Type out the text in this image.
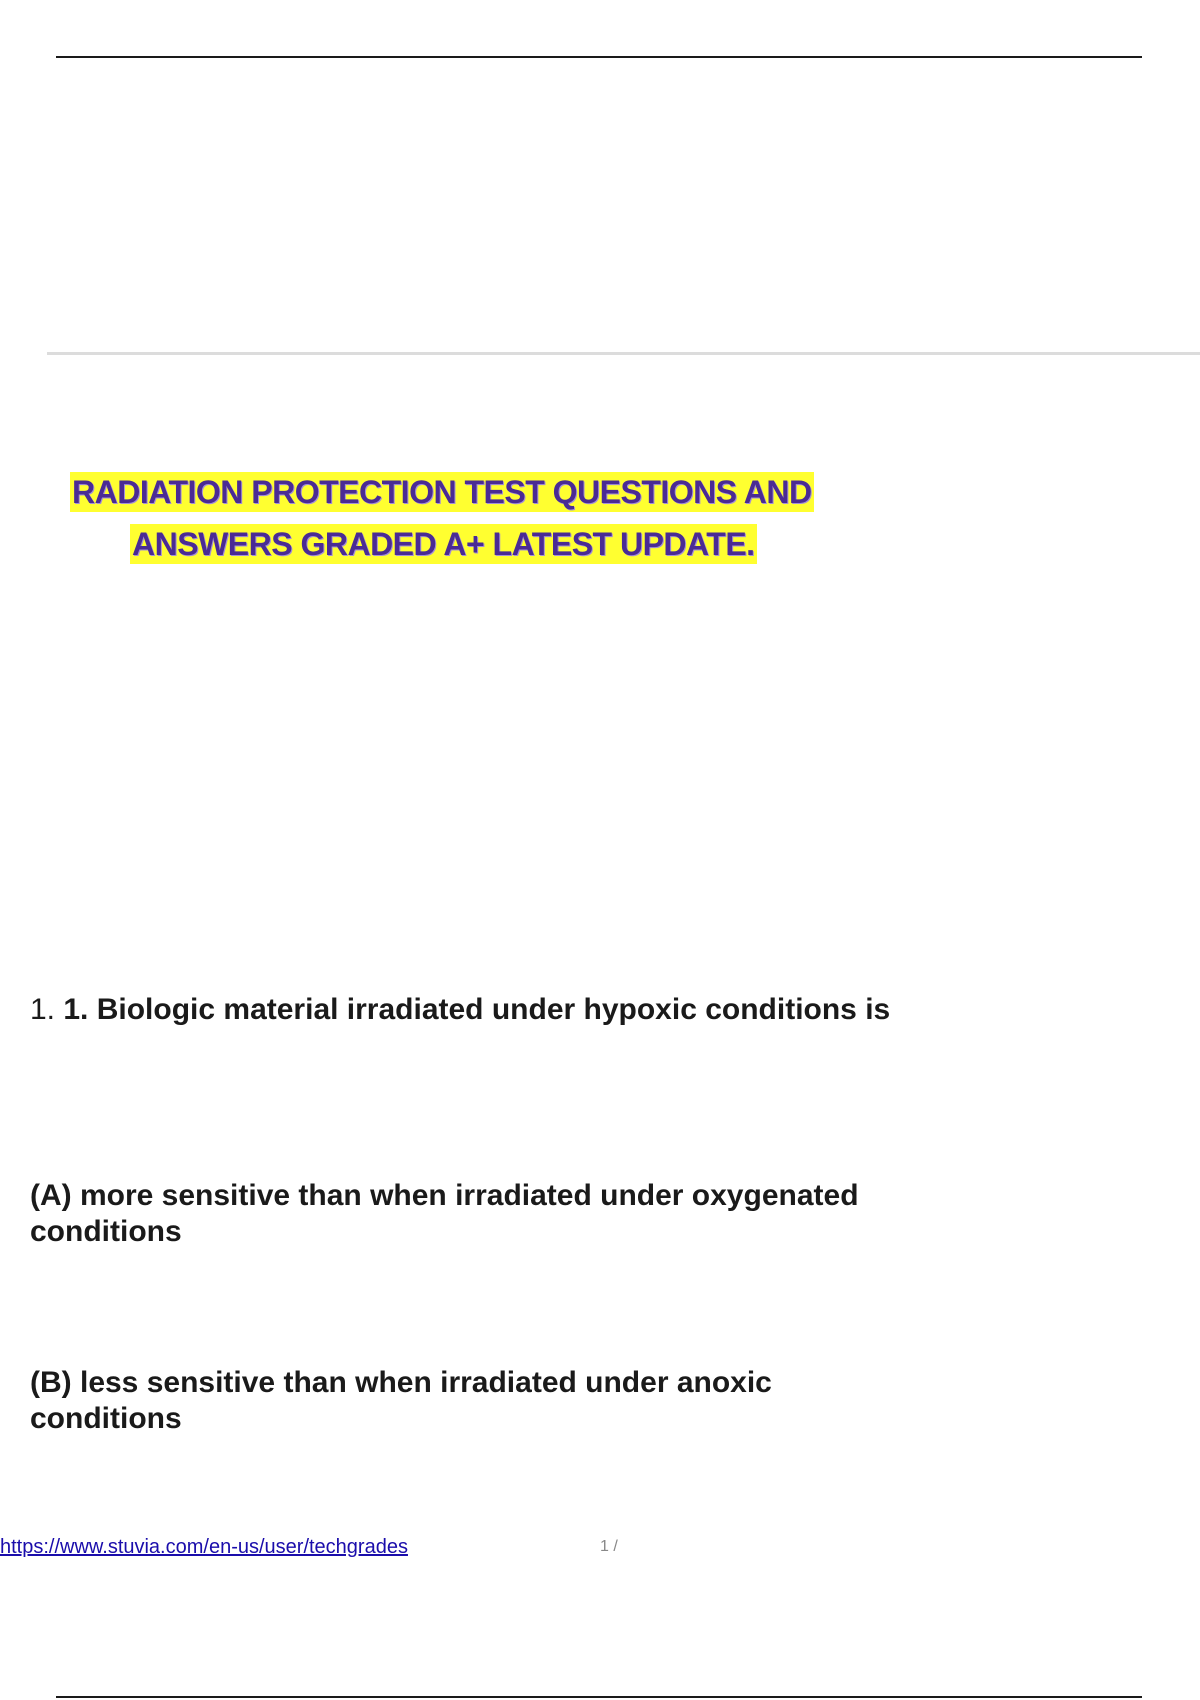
RADIATION PROTECTION TEST QUESTIONS AND
ANSWERS GRADED A+ LATEST UPDATE.
1. 1. Biologic material irradiated under hypoxic conditions is
(A) more sensitive than when irradiated under oxygenated conditions
(B) less sensitive than when irradiated under anoxic conditions
https://www.stuvia.com/en-us/user/techgrades	1 /
